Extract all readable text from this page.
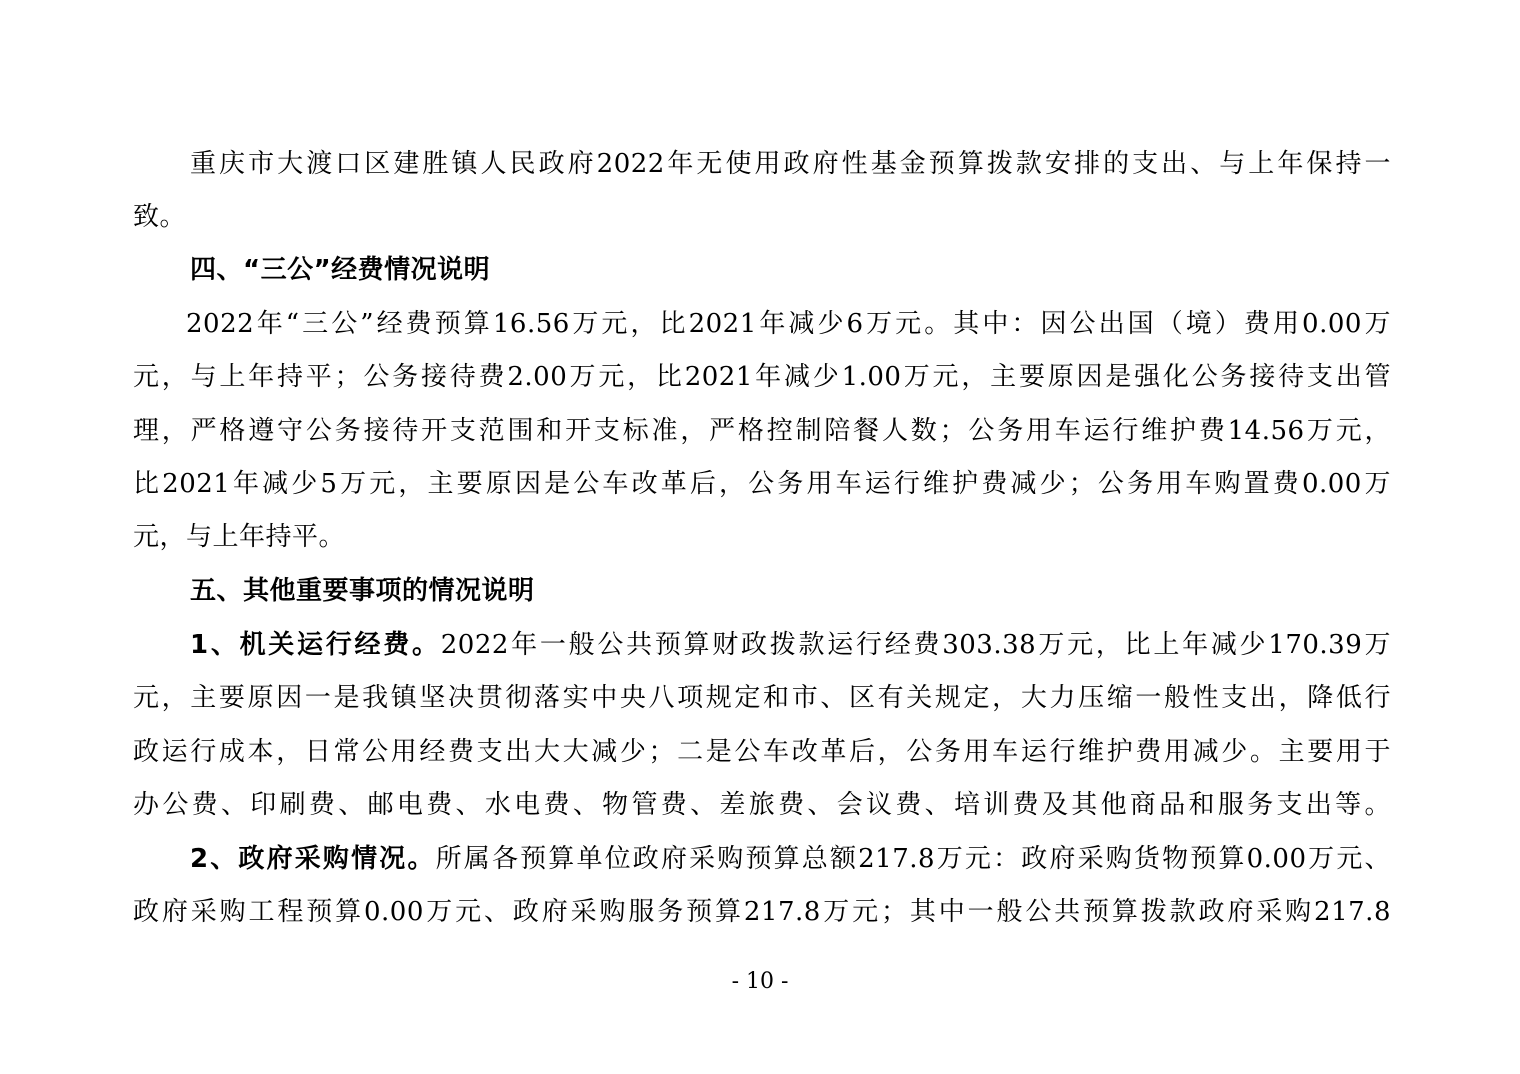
重庆市大渡口区建胜镇人民政府2022年无使用政府性基金预算拨款安排的支出、与上年保持一
致。
四、“三公”经费情况说明
2022年“三公”经费预算16.56万元，比2021年减少6万元。其中：因公出国（境）费用0.00万
元，与上年持平；公务接待费2.00万元，比2021年减少1.00万元，主要原因是强化公务接待支出管
理，严格遵守公务接待开支范围和开支标准，严格控制陪餐人数；公务用车运行维护费14.56万元，
比2021年减少5万元，主要原因是公车改革后，公务用车运行维护费减少；公务用车购置费0.00万
元，与上年持平。
五、其他重要事项的情况说明
1、机关运行经费。2022年一般公共预算财政拨款运行经费303.38万元，比上年减少170.39万
元，主要原因一是我镇坚决贯彻落实中央八项规定和市、区有关规定，大力压缩一般性支出，降低行
政运行成本，日常公用经费支出大大减少；二是公车改革后，公务用车运行维护费用减少。主要用于
办公费、印刷费、邮电费、水电费、物管费、差旅费、会议费、培训费及其他商品和服务支出等。
2、政府采购情况。所属各预算单位政府采购预算总额217.8万元：政府采购货物预算0.00万元、
政府采购工程预算0.00万元、政府采购服务预算217.8万元；其中一般公共预算拨款政府采购217.8
- 10 -
